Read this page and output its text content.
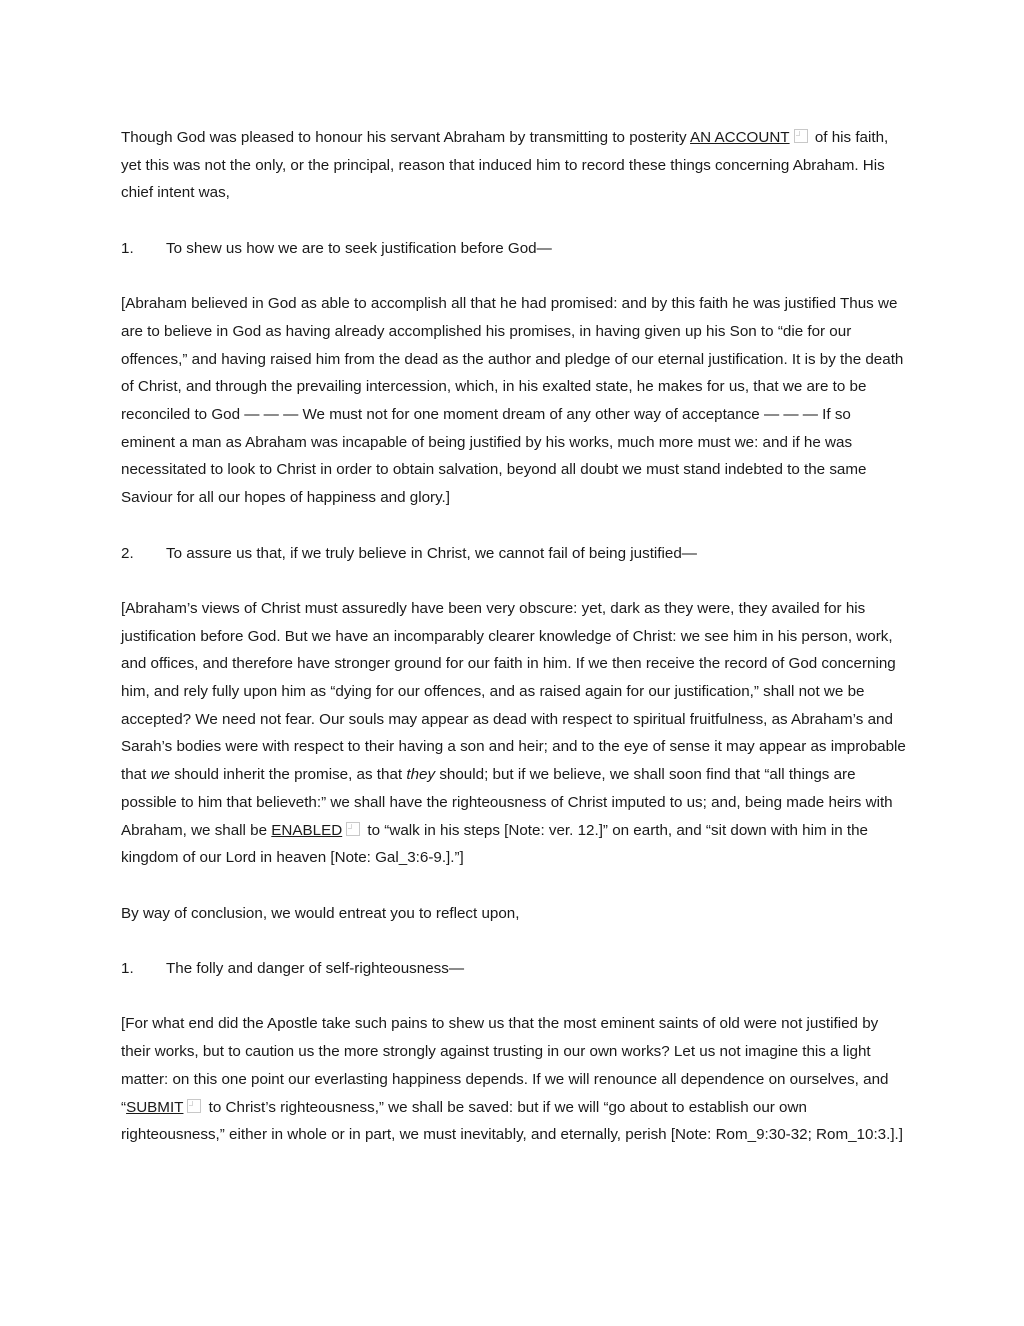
Though God was pleased to honour his servant Abraham by transmitting to posterity AN ACCOUNT of his faith, yet this was not the only, or the principal, reason that induced him to record these things concerning Abraham. His chief intent was,

1.	To shew us how we are to seek justification before God—

[Abraham believed in God as able to accomplish all that he had promised: and by this faith he was justified Thus we are to believe in God as having already accomplished his promises, in having given up his Son to “die for our offences,” and having raised him from the dead as the author and pledge of our eternal justification. It is by the death of Christ, and through the prevailing intercession, which, in his exalted state, he makes for us, that we are to be reconciled to God — — — We must not for one moment dream of any other way of acceptance — — — If so eminent a man as Abraham was incapable of being justified by his works, much more must we: and if he was necessitated to look to Christ in order to obtain salvation, beyond all doubt we must stand indebted to the same Saviour for all our hopes of happiness and glory.]

2.	To assure us that, if we truly believe in Christ, we cannot fail of being justified—

[Abraham’s views of Christ must assuredly have been very obscure: yet, dark as they were, they availed for his justification before God. But we have an incomparably clearer knowledge of Christ: we see him in his person, work, and offices, and therefore have stronger ground for our faith in him. If we then receive the record of God concerning him, and rely fully upon him as “dying for our offences, and as raised again for our justification,” shall not we be accepted? We need not fear. Our souls may appear as dead with respect to spiritual fruitfulness, as Abraham’s and Sarah’s bodies were with respect to their having a son and heir; and to the eye of sense it may appear as improbable that we should inherit the promise, as that they should; but if we believe, we shall soon find that “all things are possible to him that believeth:” we shall have the righteousness of Christ imputed to us; and, being made heirs with Abraham, we shall be ENABLED to “walk in his steps [Note: ver. 12.]” on earth, and “sit down with him in the kingdom of our Lord in heaven [Note: Gal_3:6-9.].”]

By way of conclusion, we would entreat you to reflect upon,

1.	The folly and danger of self-righteousness—

[For what end did the Apostle take such pains to shew us that the most eminent saints of old were not justified by their works, but to caution us the more strongly against trusting in our own works? Let us not imagine this a light matter: on this one point our everlasting happiness depends. If we will renounce all dependence on ourselves, and “SUBMIT to Christ’s righteousness,” we shall be saved: but if we will “go about to establish our own righteousness,” either in whole or in part, we must inevitably, and eternally, perish [Note: Rom_9:30-32; Rom_10:3.].]
